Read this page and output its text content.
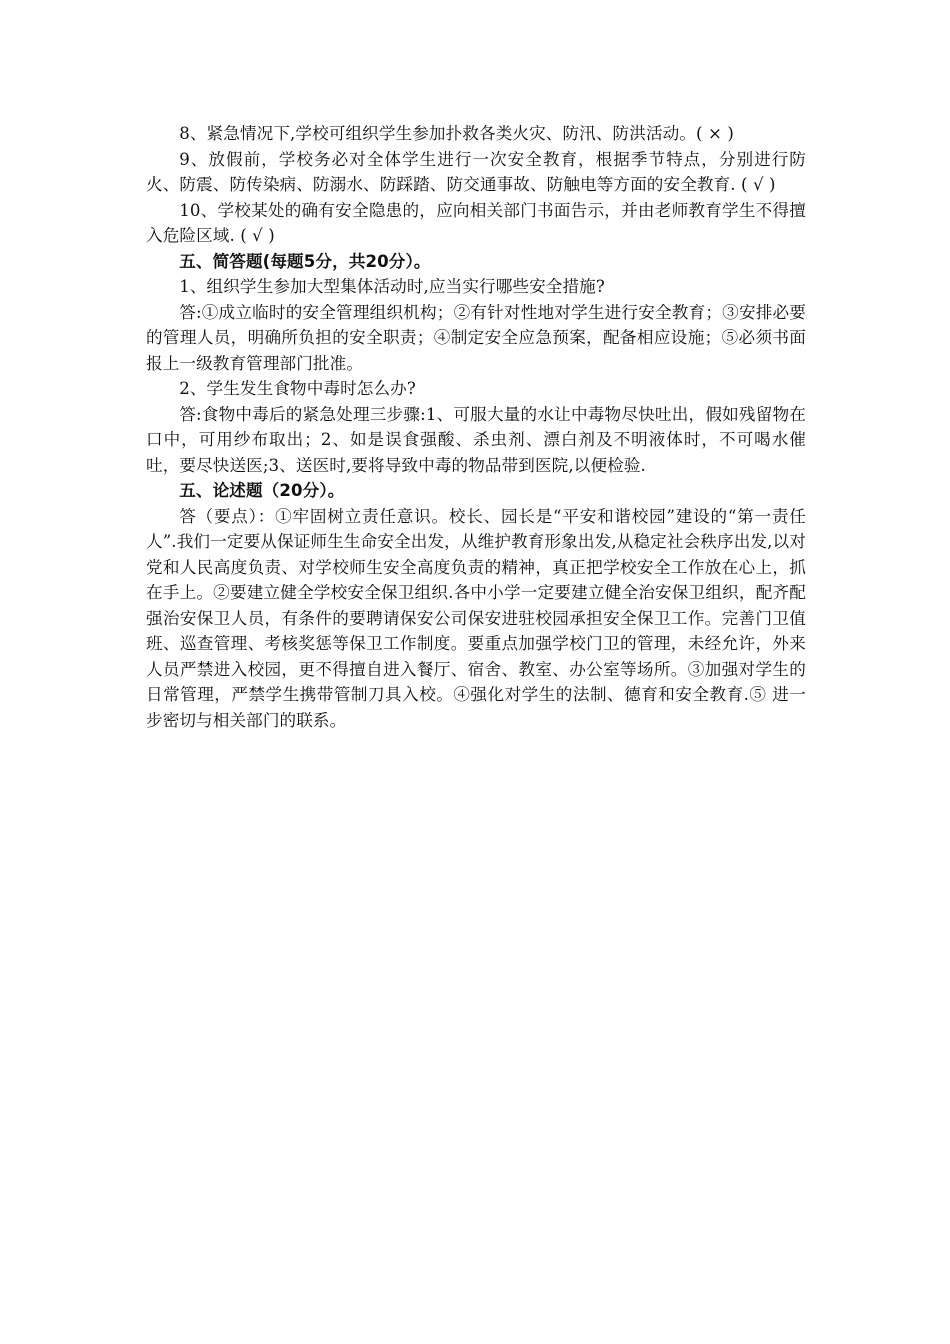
8、紧急情况下,学校可组织学生参加扑救各类火灾、防汛、防洪活动。( × )

9、放假前，学校务必对全体学生进行一次安全教育，根据季节特点，分别进行防火、防震、防传染病、防溺水、防踩踏、防交通事故、防触电等方面的安全教育. ( √ )

10、学校某处的确有安全隐患的，应向相关部门书面告示，并由老师教育学生不得擅入危险区域. ( √ )

五、简答题(每题5分，共20分）。

1、组织学生参加大型集体活动时,应当实行哪些安全措施?

答:①成立临时的安全管理组织机构；②有针对性地对学生进行安全教育；③安排必要的管理人员，明确所负担的安全职责；④制定安全应急预案，配备相应设施；⑤必须书面报上一级教育管理部门批准。

2、学生发生食物中毒时怎么办?

答:食物中毒后的紧急处理三步骤:1、可服大量的水让中毒物尽快吐出，假如残留物在口中，可用纱布取出；2、如是误食强酸、杀虫剂、漂白剂及不明液体时，不可喝水催吐，要尽快送医;3、送医时,要将导致中毒的物品带到医院,以便检验.

五、论述题（20分）。

答（要点）：①牢固树立责任意识。校长、园长是“平安和谐校园”建设的“第一责任人”.我们一定要从保证师生生命安全出发，从维护教育形象出发,从稳定社会秩序出发,以对党和人民高度负责、对学校师生安全高度负责的精神，真正把学校安全工作放在心上，抓在手上。②要建立健全学校安全保卫组织.各中小学一定要建立健全治安保卫组织，配齐配强治安保卫人员，有条件的要聘请保安公司保安进驻校园承担安全保卫工作。完善门卫值班、巡查管理、考核奖惩等保卫工作制度。要重点加强学校门卫的管理，未经允许，外来人员严禁进入校园，更不得擅自进入餐厅、宿舍、教室、办公室等场所。③加强对学生的日常管理，严禁学生携带管制刀具入校。④强化对学生的法制、德育和安全教育.⑤ 进一步密切与相关部门的联系。
